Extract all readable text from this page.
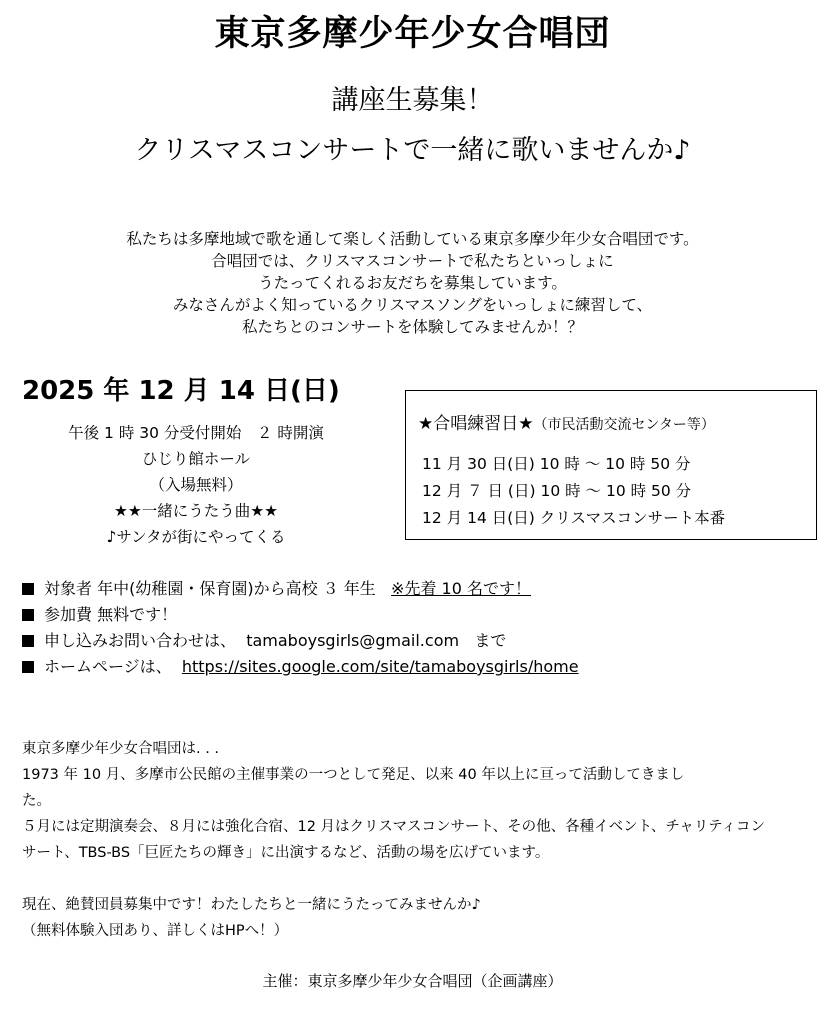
東京多摩少年少女合唱団
講座生募集！
クリスマスコンサートで一緒に歌いませんか♪
私たちは多摩地域で歌を通して楽しく活動している東京多摩少年少女合唱団です。
合唱団では、クリスマスコンサートで私たちといっしょに
うたってくれるお友だちを募集しています。
みなさんがよく知っているクリスマスソングをいっしょに練習して、
私たちとのコンサートを体験してみませんか！？
2025 年 12 月 14 日(日)
午後 1 時 30 分受付開始　２ 時開演
ひじり館ホール
（入場無料）
★★一緒にうたう曲★★
♪サンタが街にやってくる
★合唱練習日★（市民活動交流センター等）
11 月 30 日(日) 10 時 ～ 10 時 50 分
12 月 ７ 日 (日) 10 時 ～ 10 時 50 分
12 月 14 日(日) クリスマスコンサート本番
対象者 年中(幼稚園・保育園)から高校 ３ 年生 ※先着 10 名です！
参加費 無料です！
申し込みお問い合わせは、 tamaboysgirls@gmail.com まで
ホームページは、 https://sites.google.com/site/tamaboysgirls/home
東京多摩少年少女合唱団は. . .
1973 年 10 月、多摩市公民館の主催事業の一つとして発足、以来 40 年以上に亘って活動してきまし
た。
５月には定期演奏会、８月には強化合宿、12 月はクリスマスコンサート、その他、各種イベント、チャリティコン
サート、TBS-BS「巨匠たちの輝き」に出演するなど、活動の場を広げています。
現在、絶賛団員募集中です！わたしたちと一緒にうたってみませんか♪
（無料体験入団あり、詳しくはHPへ！）
主催：東京多摩少年少女合唱団（企画講座）
